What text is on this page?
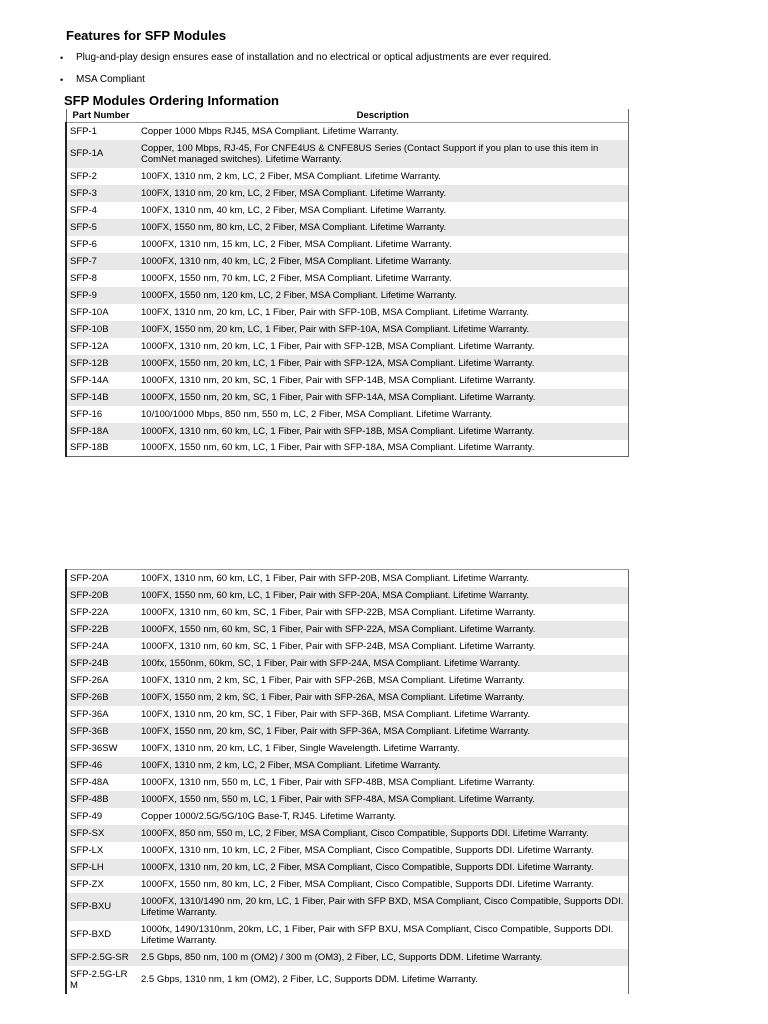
Features for SFP Modules
• Plug-and-play design ensures ease of installation and no electrical or optical adjustments are ever required.
• MSA Compliant
SFP Modules Ordering Information
Part Number	Description
SFP-1	Copper 1000 Mbps RJ45, MSA Compliant. Lifetime Warranty.
SFP-1A	Copper, 100 Mbps, RJ-45, For CNFE4US & CNFE8US Series (Contact Support if you plan to use this item in ComNet managed switches). Lifetime Warranty.
SFP-2	100FX, 1310 nm, 2 km, LC, 2 Fiber, MSA Compliant. Lifetime Warranty.
SFP-3	100FX, 1310 nm, 20 km, LC, 2 Fiber, MSA Compliant. Lifetime Warranty.
SFP-4	100FX, 1310 nm, 40 km, LC, 2 Fiber, MSA Compliant. Lifetime Warranty.
SFP-5	100FX, 1550 nm, 80 km, LC, 2 Fiber, MSA Compliant. Lifetime Warranty.
SFP-6	1000FX, 1310 nm, 15 km, LC, 2 Fiber, MSA Compliant. Lifetime Warranty.
SFP-7	1000FX, 1310 nm, 40 km, LC, 2 Fiber, MSA Compliant. Lifetime Warranty.
SFP-8	1000FX, 1550 nm, 70 km, LC, 2 Fiber, MSA Compliant. Lifetime Warranty.
SFP-9	1000FX, 1550 nm, 120 km, LC, 2 Fiber, MSA Compliant. Lifetime Warranty.
SFP-10A	100FX, 1310 nm, 20 km, LC, 1 Fiber, Pair with SFP-10B, MSA Compliant. Lifetime Warranty.
SFP-10B	100FX, 1550 nm, 20 km, LC, 1 Fiber, Pair with SFP-10A, MSA Compliant. Lifetime Warranty.
SFP-12A	1000FX, 1310 nm, 20 km, LC, 1 Fiber, Pair with SFP-12B, MSA Compliant. Lifetime Warranty.
SFP-12B	1000FX, 1550 nm, 20 km, LC, 1 Fiber, Pair with SFP-12A, MSA Compliant. Lifetime Warranty.
SFP-14A	1000FX, 1310 nm, 20 km, SC, 1 Fiber, Pair with SFP-14B, MSA Compliant. Lifetime Warranty.
SFP-14B	1000FX, 1550 nm, 20 km, SC, 1 Fiber, Pair with SFP-14A, MSA Compliant. Lifetime Warranty.
SFP-16	10/100/1000 Mbps, 850 nm, 550 m, LC, 2 Fiber, MSA Compliant. Lifetime Warranty.
SFP-18A	1000FX, 1310 nm, 60 km, LC, 1 Fiber, Pair with SFP-18B, MSA Compliant. Lifetime Warranty.
SFP-18B	1000FX, 1550 nm, 60 km, LC, 1 Fiber, Pair with SFP-18A, MSA Compliant. Lifetime Warranty.
SFP-20A	100FX, 1310 nm, 60 km, LC, 1 Fiber, Pair with SFP-20B, MSA Compliant. Lifetime Warranty.
SFP-20B	100FX, 1550 nm, 60 km, LC, 1 Fiber, Pair with SFP-20A, MSA Compliant. Lifetime Warranty.
SFP-22A	1000FX, 1310 nm, 60 km, SC, 1 Fiber, Pair with SFP-22B, MSA Compliant. Lifetime Warranty.
SFP-22B	1000FX, 1550 nm, 60 km, SC, 1 Fiber, Pair with SFP-22A, MSA Compliant. Lifetime Warranty.
SFP-24A	1000FX, 1310 nm, 60 km, SC, 1 Fiber, Pair with SFP-24B, MSA Compliant. Lifetime Warranty.
SFP-24B	100fx, 1550nm, 60km, SC, 1 Fiber, Pair with SFP-24A, MSA Compliant. Lifetime Warranty.
SFP-26A	100FX, 1310 nm, 2 km, SC, 1 Fiber, Pair with SFP-26B, MSA Compliant. Lifetime Warranty.
SFP-26B	100FX, 1550 nm, 2 km, SC, 1 Fiber, Pair with SFP-26A, MSA Compliant. Lifetime Warranty.
SFP-36A	100FX, 1310 nm, 20 km, SC, 1 Fiber, Pair with SFP-36B, MSA Compliant. Lifetime Warranty.
SFP-36B	100FX, 1550 nm, 20 km, SC, 1 Fiber, Pair with SFP-36A, MSA Compliant. Lifetime Warranty.
SFP-36SW	100FX, 1310 nm, 20 km, LC, 1 Fiber, Single Wavelength. Lifetime Warranty.
SFP-46	100FX, 1310 nm, 2 km, LC, 2 Fiber, MSA Compliant. Lifetime Warranty.
SFP-48A	1000FX, 1310 nm, 550 m, LC, 1 Fiber, Pair with SFP-48B, MSA Compliant. Lifetime Warranty.
SFP-48B	1000FX, 1550 nm, 550 m, LC, 1 Fiber, Pair with SFP-48A, MSA Compliant. Lifetime Warranty.
SFP-49	Copper 1000/2.5G/5G/10G Base-T, RJ45. Lifetime Warranty.
SFP-SX	1000FX, 850 nm, 550 m, LC, 2 Fiber, MSA Compliant, Cisco Compatible, Supports DDI. Lifetime Warranty.
SFP-LX	1000FX, 1310 nm, 10 km, LC, 2 Fiber, MSA Compliant, Cisco Compatible, Supports DDI. Lifetime Warranty.
SFP-LH	1000FX, 1310 nm, 20 km, LC, 2 Fiber, MSA Compliant, Cisco Compatible, Supports DDI. Lifetime Warranty.
SFP-ZX	1000FX, 1550 nm, 80 km, LC, 2 Fiber, MSA Compliant, Cisco Compatible, Supports DDI. Lifetime Warranty.
SFP-BXU	1000FX, 1310/1490 nm, 20 km, LC, 1 Fiber, Pair with SFP BXD, MSA Compliant, Cisco Compatible, Supports DDI. Lifetime Warranty.
SFP-BXD	1000fx, 1490/1310nm, 20km, LC, 1 Fiber, Pair with SFP BXU, MSA Compliant, Cisco Compatible, Supports DDI. Lifetime Warranty.
SFP-2.5G-SR	2.5 Gbps, 850 nm, 100 m (OM2) / 300 m (OM3), 2 Fiber, LC, Supports DDM. Lifetime Warranty.
SFP-2.5G-LRM	2.5 Gbps, 1310 nm, 1 km (OM2), 2 Fiber, LC, Supports DDM. Lifetime Warranty.
